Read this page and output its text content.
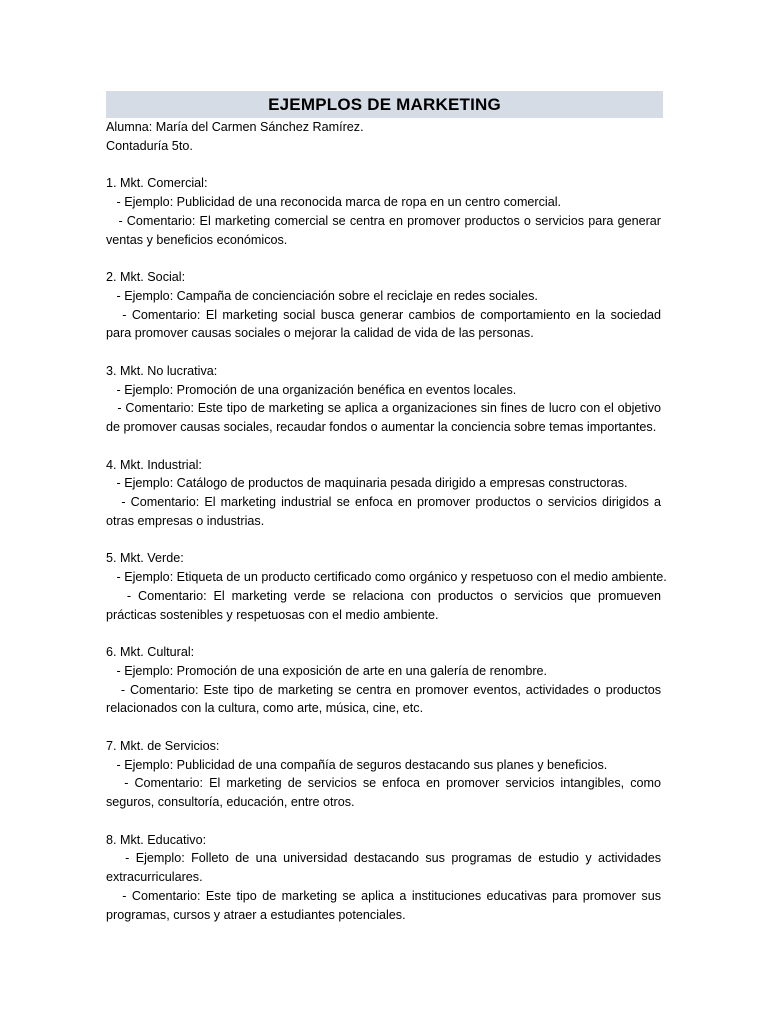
EJEMPLOS DE MARKETING
Alumna: María del Carmen Sánchez Ramírez.
Contaduría 5to.
1. Mkt. Comercial:
- Ejemplo: Publicidad de una reconocida marca de ropa en un centro comercial.
- Comentario: El marketing comercial se centra en promover productos o servicios para generar ventas y beneficios económicos.
2. Mkt. Social:
- Ejemplo: Campaña de concienciación sobre el reciclaje en redes sociales.
- Comentario: El marketing social busca generar cambios de comportamiento en la sociedad para promover causas sociales o mejorar la calidad de vida de las personas.
3. Mkt. No lucrativa:
- Ejemplo: Promoción de una organización benéfica en eventos locales.
- Comentario: Este tipo de marketing se aplica a organizaciones sin fines de lucro con el objetivo de promover causas sociales, recaudar fondos o aumentar la conciencia sobre temas importantes.
4. Mkt. Industrial:
- Ejemplo: Catálogo de productos de maquinaria pesada dirigido a empresas constructoras.
- Comentario: El marketing industrial se enfoca en promover productos o servicios dirigidos a otras empresas o industrias.
5. Mkt. Verde:
- Ejemplo: Etiqueta de un producto certificado como orgánico y respetuoso con el medio ambiente.
- Comentario: El marketing verde se relaciona con productos o servicios que promueven prácticas sostenibles y respetuosas con el medio ambiente.
6. Mkt. Cultural:
- Ejemplo: Promoción de una exposición de arte en una galería de renombre.
- Comentario: Este tipo de marketing se centra en promover eventos, actividades o productos relacionados con la cultura, como arte, música, cine, etc.
7. Mkt. de Servicios:
- Ejemplo: Publicidad de una compañía de seguros destacando sus planes y beneficios.
- Comentario: El marketing de servicios se enfoca en promover servicios intangibles, como seguros, consultoría, educación, entre otros.
8. Mkt. Educativo:
- Ejemplo: Folleto de una universidad destacando sus programas de estudio y actividades extracurriculares.
- Comentario: Este tipo de marketing se aplica a instituciones educativas para promover sus programas, cursos y atraer a estudiantes potenciales.
